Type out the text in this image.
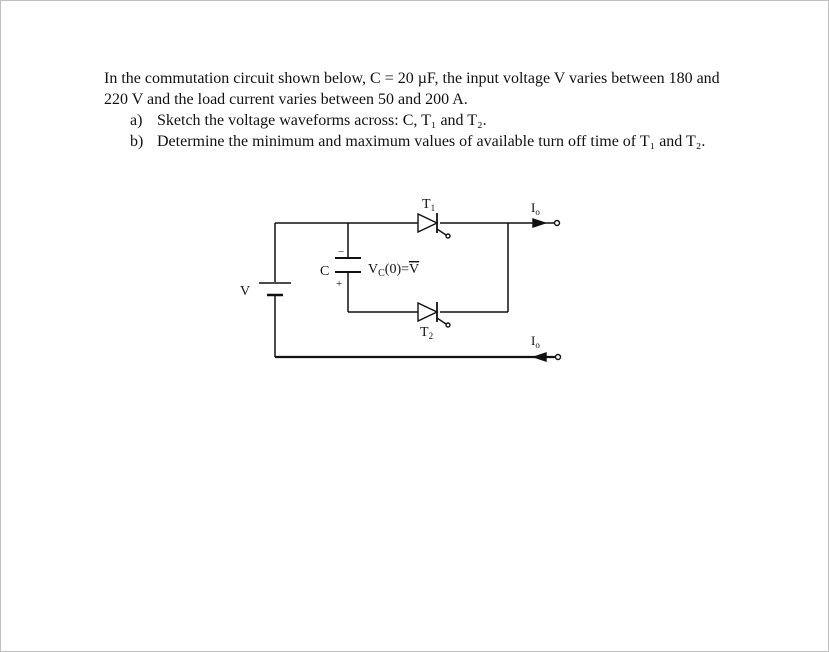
In the commutation circuit shown below, C = 20 µF, the input voltage V varies between 180 and 220 V and the load current varies between 50 and 200 A.

a) Sketch the voltage waveforms across: C, T₁ and T₂.
b) Determine the minimum and maximum values of available turn off time of T₁ and T₂.
V
C
−
+
$V_C(0)=V$
$T_1$
$T_2$
$I_o$
$I_o$
